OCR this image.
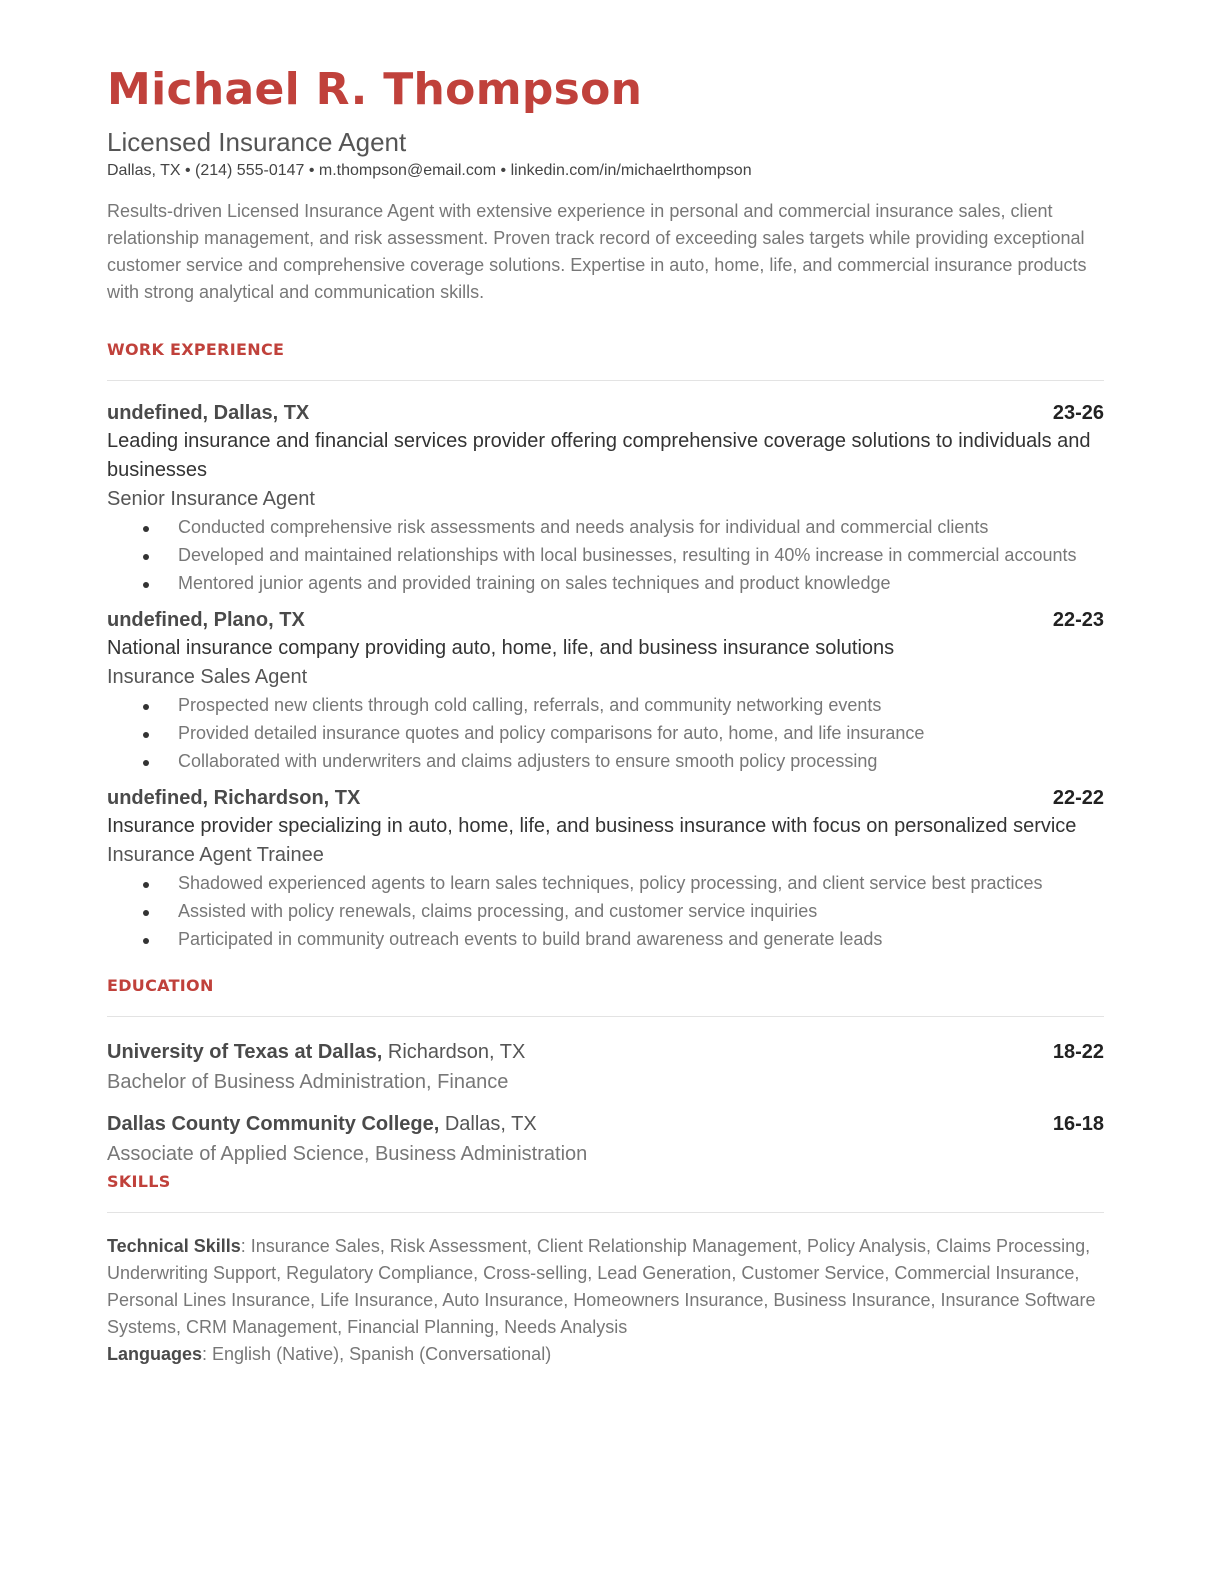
Michael R. Thompson
Licensed Insurance Agent
Dallas, TX • (214) 555-0147 • m.thompson@email.com • linkedin.com/in/michaelrthompson
Results-driven Licensed Insurance Agent with extensive experience in personal and commercial insurance sales, client relationship management, and risk assessment. Proven track record of exceeding sales targets while providing exceptional customer service and comprehensive coverage solutions. Expertise in auto, home, life, and commercial insurance products with strong analytical and communication skills.
WORK EXPERIENCE
undefined, Dallas, TX	23-26
Leading insurance and financial services provider offering comprehensive coverage solutions to individuals and businesses
Senior Insurance Agent
Conducted comprehensive risk assessments and needs analysis for individual and commercial clients
Developed and maintained relationships with local businesses, resulting in 40% increase in commercial accounts
Mentored junior agents and provided training on sales techniques and product knowledge
undefined, Plano, TX	22-23
National insurance company providing auto, home, life, and business insurance solutions
Insurance Sales Agent
Prospected new clients through cold calling, referrals, and community networking events
Provided detailed insurance quotes and policy comparisons for auto, home, and life insurance
Collaborated with underwriters and claims adjusters to ensure smooth policy processing
undefined, Richardson, TX	22-22
Insurance provider specializing in auto, home, life, and business insurance with focus on personalized service
Insurance Agent Trainee
Shadowed experienced agents to learn sales techniques, policy processing, and client service best practices
Assisted with policy renewals, claims processing, and customer service inquiries
Participated in community outreach events to build brand awareness and generate leads
EDUCATION
University of Texas at Dallas, Richardson, TX	18-22
Bachelor of Business Administration, Finance
Dallas County Community College, Dallas, TX	16-18
Associate of Applied Science, Business Administration
SKILLS
Technical Skills: Insurance Sales, Risk Assessment, Client Relationship Management, Policy Analysis, Claims Processing, Underwriting Support, Regulatory Compliance, Cross-selling, Lead Generation, Customer Service, Commercial Insurance, Personal Lines Insurance, Life Insurance, Auto Insurance, Homeowners Insurance, Business Insurance, Insurance Software Systems, CRM Management, Financial Planning, Needs Analysis
Languages: English (Native), Spanish (Conversational)
